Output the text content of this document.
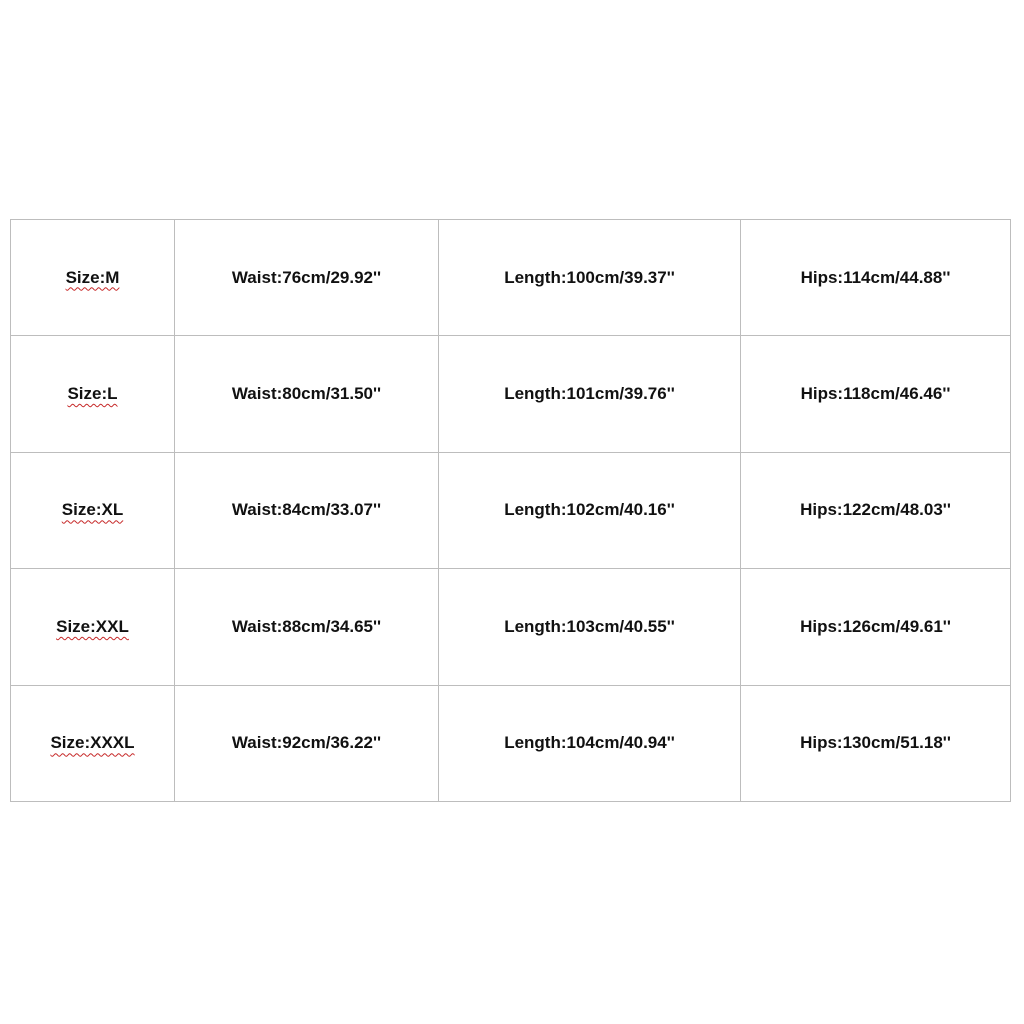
Size:M	Waist:76cm/29.92''	Length:100cm/39.37''	Hips:114cm/44.88''
Size:L	Waist:80cm/31.50''	Length:101cm/39.76''	Hips:118cm/46.46''
Size:XL	Waist:84cm/33.07''	Length:102cm/40.16''	Hips:122cm/48.03''
Size:XXL	Waist:88cm/34.65''	Length:103cm/40.55''	Hips:126cm/49.61''
Size:XXXL	Waist:92cm/36.22''	Length:104cm/40.94''	Hips:130cm/51.18''
